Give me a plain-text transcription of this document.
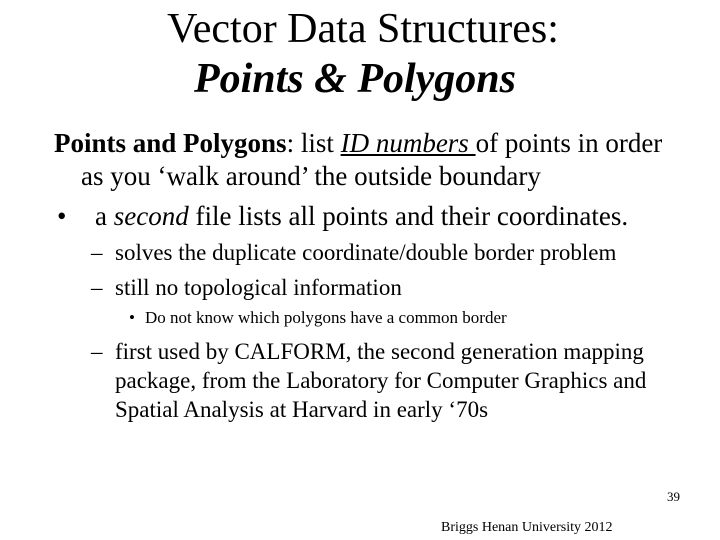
Vector Data Structures:
Points & Polygons
Points and Polygons: list ID numbers of points in order
as you ‘walk around’ the outside boundary
• a second file lists all points and their coordinates.
– solves the duplicate coordinate/double border problem
– still no topological information
• Do not know which polygons have a common border
– first used by CALFORM, the second generation mapping
package, from the Laboratory for Computer Graphics and
Spatial Analysis at Harvard in early ‘70s
39
Briggs Henan University 2012
